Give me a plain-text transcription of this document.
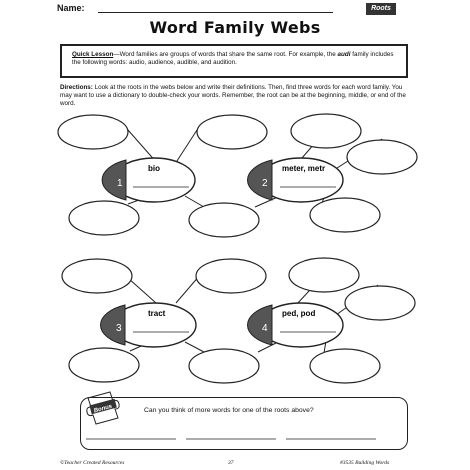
Name:	Roots
Word Family Webs
Quick Lesson—Word families are groups of words that share the same root. For example, the audi family includes the following words: audio, audience, audible, and audition.
Directions: Look at the roots in the webs below and write their definitions. Then, find three words for each word family. You may want to use a dictionary to double-check your words. Remember, the root can be at the beginning, middle, or end of the word.
1
bio
2
meter, metr
3
tract
4
ped, pod
Bonus	Can you think of more words for one of the roots above?
©Teacher Created Resources	37	#3535 Building Words
